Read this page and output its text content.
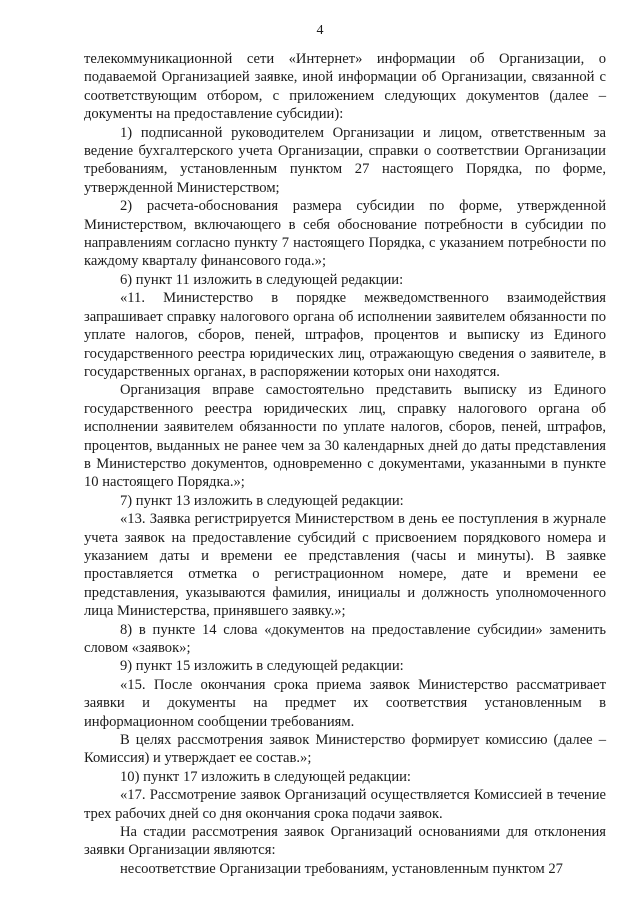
4

телекоммуникационной сети «Интернет» информации об Организации, о подаваемой Организацией заявке, иной информации об Организации, связанной с соответствующим отбором, с приложением следующих документов (далее – документы на предоставление субсидии):

1) подписанной руководителем Организации и лицом, ответственным за ведение бухгалтерского учета Организации, справки о соответствии Организации требованиям, установленным пунктом 27 настоящего Порядка, по форме, утвержденной Министерством;

2) расчета-обоснования размера субсидии по форме, утвержденной Министерством, включающего в себя обоснование потребности в субсидии по направлениям согласно пункту 7 настоящего Порядка, с указанием потребности по каждому кварталу финансового года.»;

6) пункт 11 изложить в следующей редакции:

«11. Министерство в порядке межведомственного взаимодействия запрашивает справку налогового органа об исполнении заявителем обязанности по уплате налогов, сборов, пеней, штрафов, процентов и выписку из Единого государственного реестра юридических лиц, отражающую сведения о заявителе, в государственных органах, в распоряжении которых они находятся.

Организация вправе самостоятельно представить выписку из Единого государственного реестра юридических лиц, справку налогового органа об исполнении заявителем обязанности по уплате налогов, сборов, пеней, штрафов, процентов, выданных не ранее чем за 30 календарных дней до даты представления в Министерство документов, одновременно с документами, указанными в пункте 10 настоящего Порядка.»;

7) пункт 13 изложить в следующей редакции:

«13. Заявка регистрируется Министерством в день ее поступления в журнале учета заявок на предоставление субсидий с присвоением порядкового номера и указанием даты и времени ее представления (часы и минуты). В заявке проставляется отметка о регистрационном номере, дате и времени ее представления, указываются фамилия, инициалы и должность уполномоченного лица Министерства, принявшего заявку.»;

8) в пункте 14 слова «документов на предоставление субсидии» заменить словом «заявок»;

9) пункт 15 изложить в следующей редакции:

«15. После окончания срока приема заявок Министерство рассматривает заявки и документы на предмет их соответствия установленным в информационном сообщении требованиям.

В целях рассмотрения заявок Министерство формирует комиссию (далее – Комиссия) и утверждает ее состав.»;

10) пункт 17 изложить в следующей редакции:

«17. Рассмотрение заявок Организаций осуществляется Комиссией в течение трех рабочих дней со дня окончания срока подачи заявок.

На стадии рассмотрения заявок Организаций основаниями для отклонения заявки Организации являются:

несоответствие Организации требованиям, установленным пунктом 27
